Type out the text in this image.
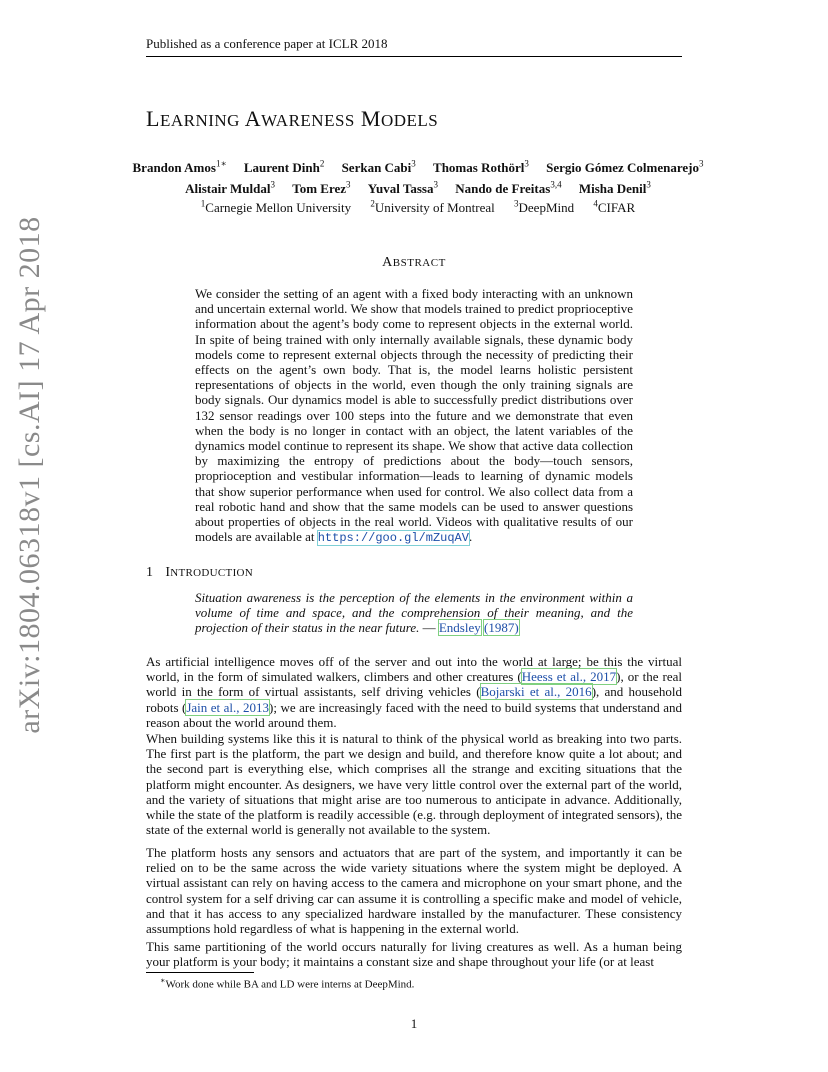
Published as a conference paper at ICLR 2018
arXiv:1804.06318v1 [cs.AI] 17 Apr 2018
LEARNING AWARENESS MODELS
Brandon Amos$^{1∗}$ Laurent Dinh$^2$ Serkan Cabi$^3$ Thomas Rothörl$^3$ Sergio Gómez Colmenarejo$^3$
Alistair Muldal$^3$ Tom Erez$^3$ Yuval Tassa$^3$ Nando de Freitas$^{3,4}$ Misha Denil$^3$
$^1$Carnegie Mellon University $^2$University of Montreal $^3$DeepMind $^4$CIFAR
ABSTRACT

We consider the setting of an agent with a fixed body interacting with an unknown and uncertain external world. We show that models trained to predict proprioceptive information about the agent’s body come to represent objects in the external world. In spite of being trained with only internally available signals, these dynamic body models come to represent external objects through the necessity of predicting their effects on the agent’s own body. That is, the model learns holistic persistent representations of objects in the world, even though the only training signals are body signals. Our dynamics model is able to successfully predict distributions over 132 sensor readings over 100 steps into the future and we demonstrate that even when the body is no longer in contact with an object, the latent variables of the dynamics model continue to represent its shape. We show that active data collection by maximizing the entropy of predictions about the body—touch sensors, proprioception and vestibular information—leads to learning of dynamic models that show superior performance when used for control. We also collect data from a real robotic hand and show that the same models can be used to answer questions about properties of objects in the real world. Videos with qualitative results of our models are available at https://goo.gl/mZuqAV.

1 INTRODUCTION

Situation awareness is the perception of the elements in the environment within a volume of time and space, and the comprehension of their meaning, and the projection of their status in the near future. — Endsley (1987)

As artificial intelligence moves off of the server and out into the world at large; be this the virtual world, in the form of simulated walkers, climbers and other creatures (Heess et al., 2017), or the real world in the form of virtual assistants, self driving vehicles (Bojarski et al., 2016), and household robots (Jain et al., 2013); we are increasingly faced with the need to build systems that understand and reason about the world around them.

When building systems like this it is natural to think of the physical world as breaking into two parts. The first part is the platform, the part we design and build, and therefore know quite a lot about; and the second part is everything else, which comprises all the strange and exciting situations that the platform might encounter. As designers, we have very little control over the external part of the world, and the variety of situations that might arise are too numerous to anticipate in advance. Additionally, while the state of the platform is readily accessible (e.g. through deployment of integrated sensors), the state of the external world is generally not available to the system.

The platform hosts any sensors and actuators that are part of the system, and importantly it can be relied on to be the same across the wide variety situations where the system might be deployed. A virtual assistant can rely on having access to the camera and microphone on your smart phone, and the control system for a self driving car can assume it is controlling a specific make and model of vehicle, and that it has access to any specialized hardware installed by the manufacturer. These consistency assumptions hold regardless of what is happening in the external world.

This same partitioning of the world occurs naturally for living creatures as well. As a human being your platform is your body; it maintains a constant size and shape throughout your life (or at least

∗Work done while BA and LD were interns at DeepMind.
1
